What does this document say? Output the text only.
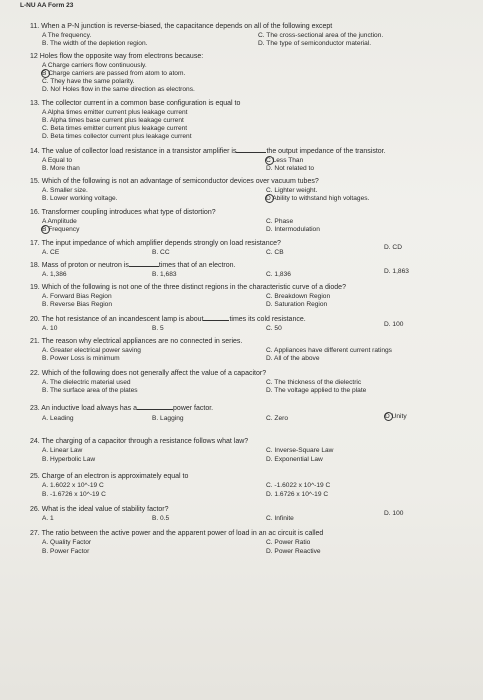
L-NU AA Form 23
11. When a P-N junction is reverse-biased, the capacitance depends on all of the following except
A The frequency.
B. The width of the depletion region.
C. The cross-sectional area of the junction.
D. The type of semiconductor material.
12 Holes flow the opposite way from electrons because:
A Charge carriers flow continuously.
B Charge carriers are passed from atom to atom.
C. They have the same polarity.
D. No! Holes flow in the same direction as electrons.
13. The collector current in a common base configuration is equal to
A Alpha times emitter current plus leakage current
B. Alpha times base current plus leakage current
C. Beta times emitter current plus leakage current
D. Beta times collector current plus leakage current
14. The value of collector load resistance in a transistor amplifier is	the output impedance of the transistor.
A Equal to
B. More than
C Less Than
D. Not related to
15. Which of the following is not an advantage of semiconductor devices over vacuum tubes?
A. Smaller size.
B. Lower working voltage.
C. Lighter weight.
D Ability to withstand high voltages.
16. Transformer coupling introduces what type of distortion?
A Amplitude
B Frequency
C. Phase
D. Intermodulation
17. The input impedance of which amplifier depends strongly on load resistance?
A. CE	B. CC	C. CB
D. CD
18. Mass of proton or neutron is	times that of an electron.
A. 1,386	B. 1,683	C. 1,836	D. 1,863
19. Which of the following is not one of the three distinct regions in the characteristic curve of a diode?
A. Forward Bias Region
B. Reverse Bias Region
C. Breakdown Region
D. Saturation Region
20. The hot resistance of an incandescent lamp is about	times its cold resistance.
A. 10	B. 5	C. 50
D. 100
21. The reason why electrical appliances are no connected in series.
A. Greater electrical power saving
B. Power Loss is minimum
C. Appliances have different current ratings
D. All of the above
22. Which of the following does not generally affect the value of a capacitor?
A. The dielectric material used
B. The surface area of the plates
C. The thickness of the dielectric
D. The voltage applied to the plate
23. An inductive load always has a	power factor.
A. Leading	B. Lagging	C. Zero	D Unity
24. The charging of a capacitor through a resistance follows what law?
A. Linear Law
B. Hyperbolic Law
C. Inverse-Square Law
D. Exponential Law
25. Charge of an electron is approximately equal to
A. 1.6022 x 10^-19 C
B. -1.6726 x 10^-19 C
C. -1.6022 x 10^-19 C
D. 1.6726 x 10^-19 C
26. What is the ideal value of stability factor?
A. 1	B. 0.5	C. Infinite
D. 100
27. The ratio between the active power and the apparent power of load in an ac circuit is called
A. Quality Factor
B. Power Factor
C. Power Ratio
D. Power Reactive
